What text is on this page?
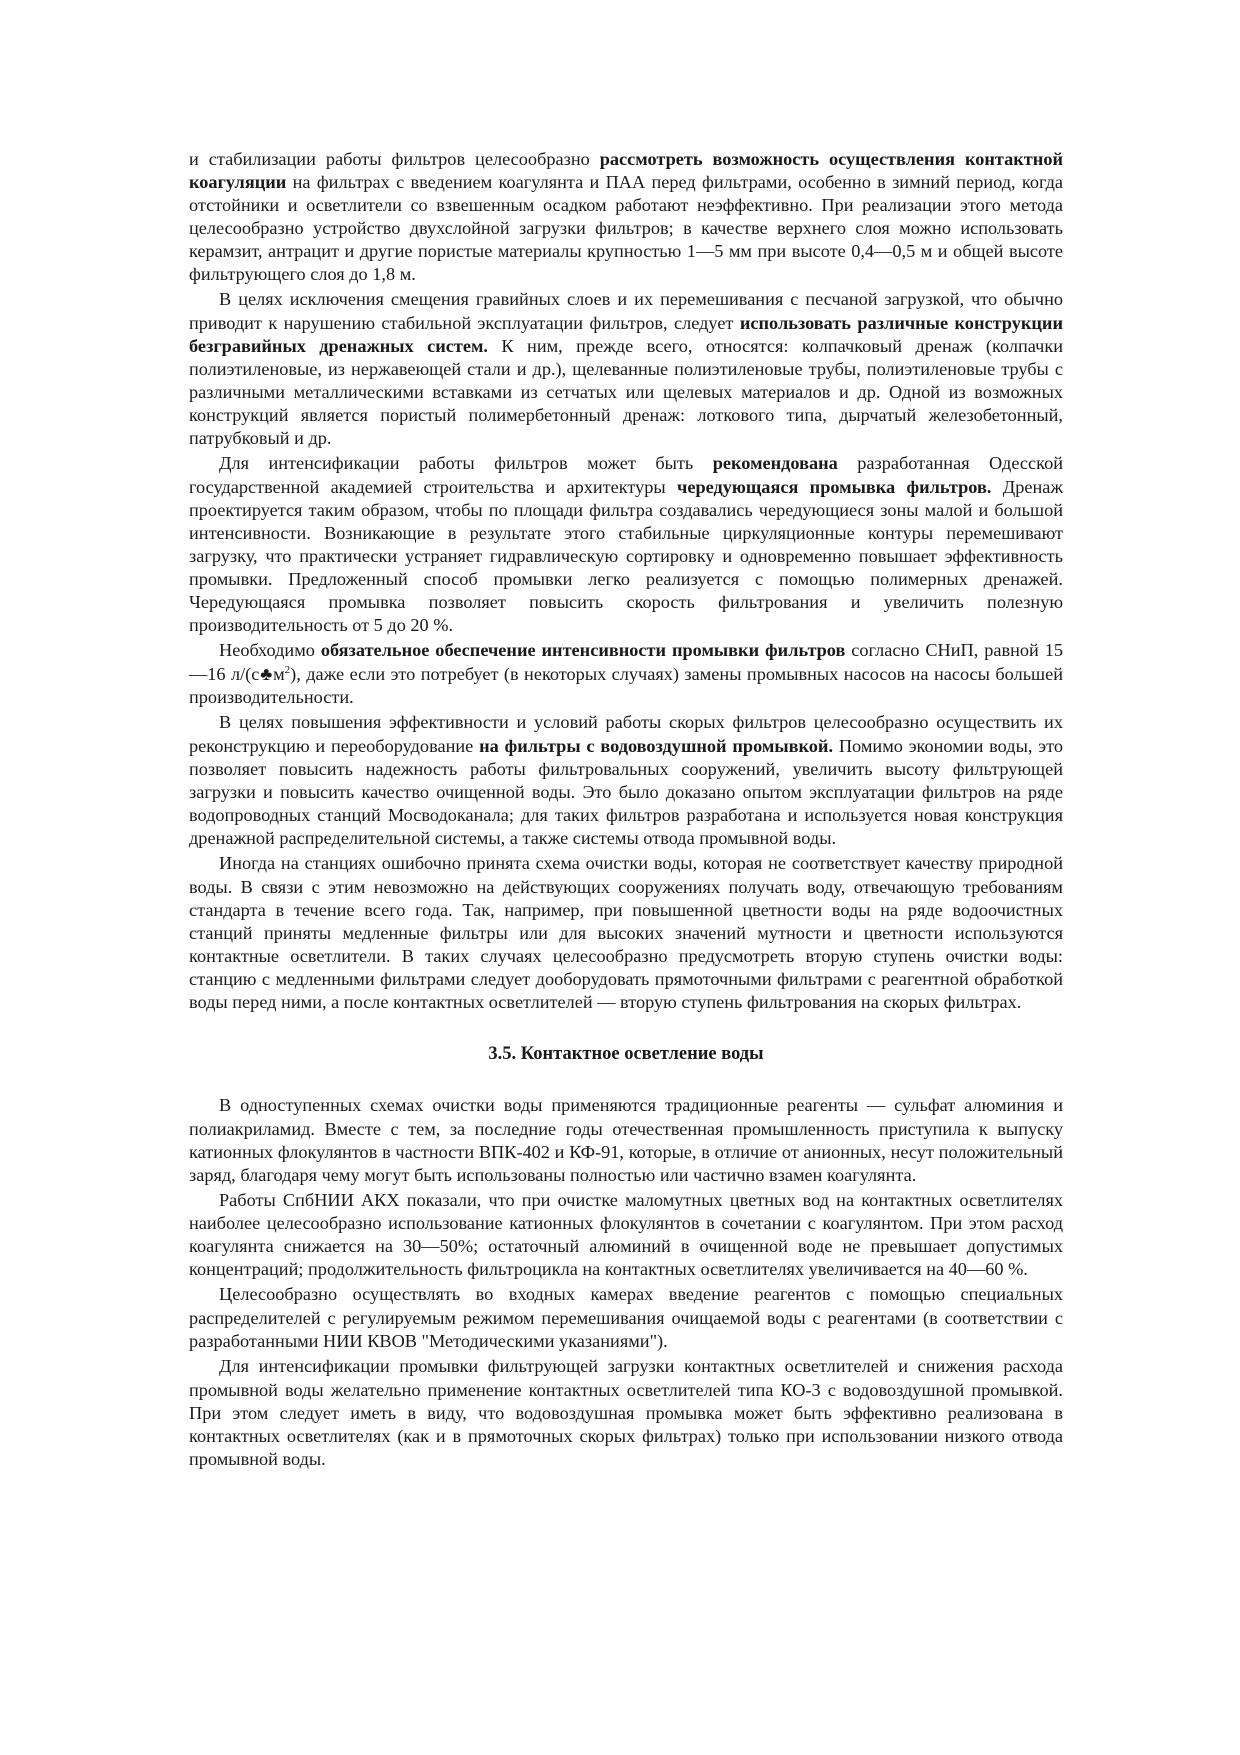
и стабилизации работы фильтров целесообразно рассмотреть возможность осуществления контактной коагуляции на фильтрах с введением коагулянта и ПАА перед фильтрами, особенно в зимний период, когда отстойники и осветлители со взвешенным осадком работают неэффективно. При реализации этого метода целесообразно устройство двухслойной загрузки фильтров; в качестве верхнего слоя можно использовать керамзит, антрацит и другие пористые материалы крупностью 1—5 мм при высоте 0,4—0,5 м и общей высоте фильтрующего слоя до 1,8 м.

В целях исключения смещения гравийных слоев и их перемешивания с песчаной загрузкой, что обычно приводит к нарушению стабильной эксплуатации фильтров, следует использовать различные конструкции безгравийных дренажных систем. К ним, прежде всего, относятся: колпачковый дренаж (колпачки полиэтиленовые, из нержавеющей стали и др.), щелеванные полиэтиленовые трубы, полиэтиленовые трубы с различными металлическими вставками из сетчатых или щелевых материалов и др. Одной из возможных конструкций является пористый полимербетонный дренаж: лоткового типа, дырчатый железобетонный, патрубковый и др.

Для интенсификации работы фильтров может быть рекомендована разработанная Одесской государственной академией строительства и архитектуры чередующаяся промывка фильтров. Дренаж проектируется таким образом, чтобы по площади фильтра создавались чередующиеся зоны малой и большой интенсивности. Возникающие в результате этого стабильные циркуляционные контуры перемешивают загрузку, что практически устраняет гидравлическую сортировку и одновременно повышает эффективность промывки. Предложенный способ промывки легко реализуется с помощью полимерных дренажей. Чередующаяся промывка позволяет повысить скорость фильтрования и увеличить полезную производительность от 5 до 20 %.

Необходимо обязательное обеспечение интенсивности промывки фильтров согласно СНиП, равной 15—16 $л/(с♣м^2)$, даже если это потребует (в некоторых случаях) замены промывных насосов на насосы большей производительности.

В целях повышения эффективности и условий работы скорых фильтров целесообразно осуществить их реконструкцию и переоборудование на фильтры с водовоздушной промывкой. Помимо экономии воды, это позволяет повысить надежность работы фильтровальных сооружений, увеличить высоту фильтрующей загрузки и повысить качество очищенной воды. Это было доказано опытом эксплуатации фильтров на ряде водопроводных станций Мосводоканала; для таких фильтров разработана и используется новая конструкция дренажной распределительной системы, а также системы отвода промывной воды.

Иногда на станциях ошибочно принята схема очистки воды, которая не соответствует качеству природной воды. В связи с этим невозможно на действующих сооружениях получать воду, отвечающую требованиям стандарта в течение всего года. Так, например, при повышенной цветности воды на ряде водоочистных станций приняты медленные фильтры или для высоких значений мутности и цветности используются контактные осветлители. В таких случаях целесообразно предусмотреть вторую ступень очистки воды: станцию с медленными фильтрами следует дооборудовать прямоточными фильтрами с реагентной обработкой воды перед ними, а после контактных осветлителей — вторую ступень фильтрования на скорых фильтрах.

3.5. Контактное осветление воды

В одноступенных схемах очистки воды применяются традиционные реагенты — сульфат алюминия и полиакриламид. Вместе с тем, за последние годы отечественная промышленность приступила к выпуску катионных флокулянтов в частности ВПК-402 и КФ-91, которые, в отличие от анионных, несут положительный заряд, благодаря чему могут быть использованы полностью или частично взамен коагулянта.

Работы СпбНИИ АКХ показали, что при очистке маломутных цветных вод на контактных осветлителях наиболее целесообразно использование катионных флокулянтов в сочетании с коагулянтом. При этом расход коагулянта снижается на 30—50%; остаточный алюминий в очищенной воде не превышает допустимых концентраций; продолжительность фильтроцикла на контактных осветлителях увеличивается на 40—60 %.

Целесообразно осуществлять во входных камерах введение реагентов с помощью специальных распределителей с регулируемым режимом перемешивания очищаемой воды с реагентами (в соответствии с разработанными НИИ КВОВ "Методическими указаниями").

Для интенсификации промывки фильтрующей загрузки контактных осветлителей и снижения расхода промывной воды желательно применение контактных осветлителей типа КО-3 с водовоздушной промывкой. При этом следует иметь в виду, что водовоздушная промывка может быть эффективно реализована в контактных осветлителях (как и в прямоточных скорых фильтрах) только при использовании низкого отвода промывной воды.
